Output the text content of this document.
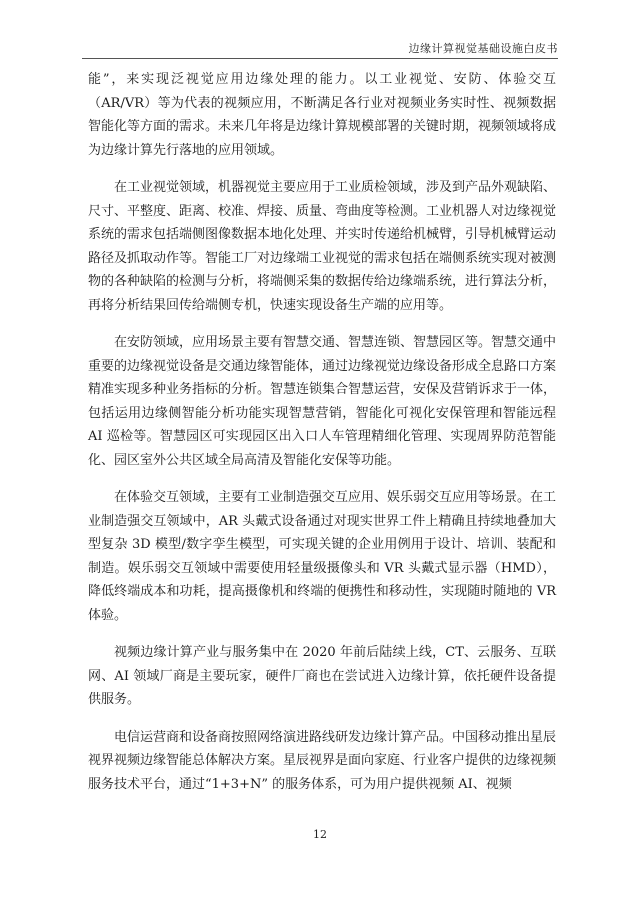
边缘计算视觉基础设施白皮书

能”，来实现泛视觉应用边缘处理的能力。以工业视觉、安防、体验交互（AR/VR）等为代表的视频应用，不断满足各行业对视频业务实时性、视频数据智能化等方面的需求。未来几年将是边缘计算规模部署的关键时期，视频领域将成为边缘计算先行落地的应用领域。

在工业视觉领域，机器视觉主要应用于工业质检领域，涉及到产品外观缺陷、尺寸、平整度、距离、校准、焊接、质量、弯曲度等检测。工业机器人对边缘视觉系统的需求包括端侧图像数据本地化处理、并实时传递给机械臂，引导机械臂运动路径及抓取动作等。智能工厂对边缘端工业视觉的需求包括在端侧系统实现对被测物的各种缺陷的检测与分析，将端侧采集的数据传给边缘端系统，进行算法分析，再将分析结果回传给端侧专机，快速实现设备生产端的应用等。

在安防领域，应用场景主要有智慧交通、智慧连锁、智慧园区等。智慧交通中重要的边缘视觉设备是交通边缘智能体，通过边缘视觉边缘设备形成全息路口方案精准实现多种业务指标的分析。智慧连锁集合智慧运营，安保及营销诉求于一体，包括运用边缘侧智能分析功能实现智慧营销，智能化可视化安保管理和智能远程 AI 巡检等。智慧园区可实现园区出入口人车管理精细化管理、实现周界防范智能化、园区室外公共区域全局高清及智能化安保等功能。

在体验交互领域，主要有工业制造强交互应用、娱乐弱交互应用等场景。在工业制造强交互领域中，AR 头戴式设备通过对现实世界工件上精确且持续地叠加大型复杂 3D 模型/数字孪生模型，可实现关键的企业用例用于设计、培训、装配和制造。娱乐弱交互领域中需要使用轻量级摄像头和 VR 头戴式显示器（HMD），降低终端成本和功耗，提高摄像机和终端的便携性和移动性，实现随时随地的 VR 体验。

视频边缘计算产业与服务集中在 2020 年前后陆续上线，CT、云服务、互联网、AI 领域厂商是主要玩家，硬件厂商也在尝试进入边缘计算，依托硬件设备提供服务。

电信运营商和设备商按照网络演进路线研发边缘计算产品。中国移动推出星辰视界视频边缘智能总体解决方案。星辰视界是面向家庭、行业客户提供的边缘视频服务技术平台，通过“1+3+N” 的服务体系，可为用户提供视频 AI、视频

12
